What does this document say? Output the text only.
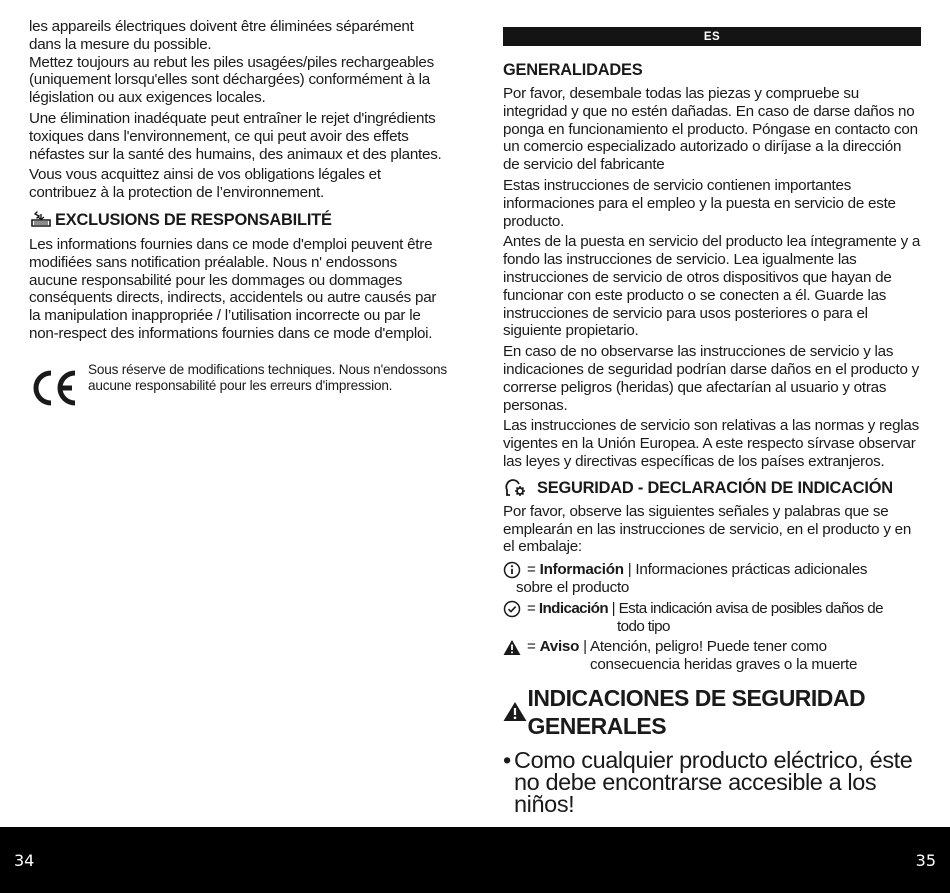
les appareils électriques doivent être éliminées séparément dans la mesure du possible.

Mettez toujours au rebut les piles usagées/piles rechargeables (uniquement lorsqu'elles sont déchargées) conformément à la législation ou aux exigences locales.

Une élimination inadéquate peut entraîner le rejet d'ingrédients toxiques dans l'environnement, ce qui peut avoir des effets néfastes sur la santé des humains, des animaux et des plantes.

Vous vous acquittez ainsi de vos obligations légales et contribuez à la protection de l’environnement.

EXCLUSIONS DE RESPONSABILITÉ

Les informations fournies dans ce mode d'emploi peuvent être modifiées sans notification préalable. Nous n' endossons aucune responsabilité pour les dommages ou dommages conséquents directs, indirects, accidentels ou autre causés par la manipulation inappropriée / l’utilisation incorrecte ou par le non-respect des informations fournies dans ce mode d'emploi.

Sous réserve de modifications techniques. Nous n'endossons aucune responsabilité pour les erreurs d'impression.

ES
GENERALIDADES

Por favor, desembale todas las piezas y compruebe su integridad y que no estén dañadas. En caso de darse daños no ponga en funcionamiento el producto. Póngase en contacto con un comercio especializado autorizado o diríjase a la dirección de servicio del fabricante

Estas instrucciones de servicio contienen importantes informaciones para el empleo y la puesta en servicio de este producto.

Antes de la puesta en servicio del producto lea íntegramente y a fondo las instrucciones de servicio. Lea igualmente las instrucciones de servicio de otros dispositivos que hayan de funcionar con este producto o se conecten a él. Guarde las instrucciones de servicio para usos posteriores o para el siguiente propietario.

En caso de no observarse las instrucciones de servicio y las indicaciones de seguridad podrían darse daños en el producto y correrse peligros (heridas) que afectarían al usuario y otras personas.

Las instrucciones de servicio son relativas a las normas y reglas vigentes en la Unión Europea. A este respecto sírvase observar las leyes y directivas específicas de los países extranjeros.

SEGURIDAD - DECLARACIÓN DE INDICACIÓN

Por favor, observe las siguientes señales y palabras que se emplearán en las instrucciones de servicio, en el producto y en el embalaje:

= Información | Informaciones prácticas adicionales
sobre el producto
= Indicación | Esta indicación avisa de posibles daños de
todo tipo
= Aviso | Atención, peligro! Puede tener como
consecuencia heridas graves o la muerte
INDICACIONES DE SEGURIDAD GENERALES
• Como cualquier producto eléctrico, éste no debe encontrarse accesible a los niños!
34	35
